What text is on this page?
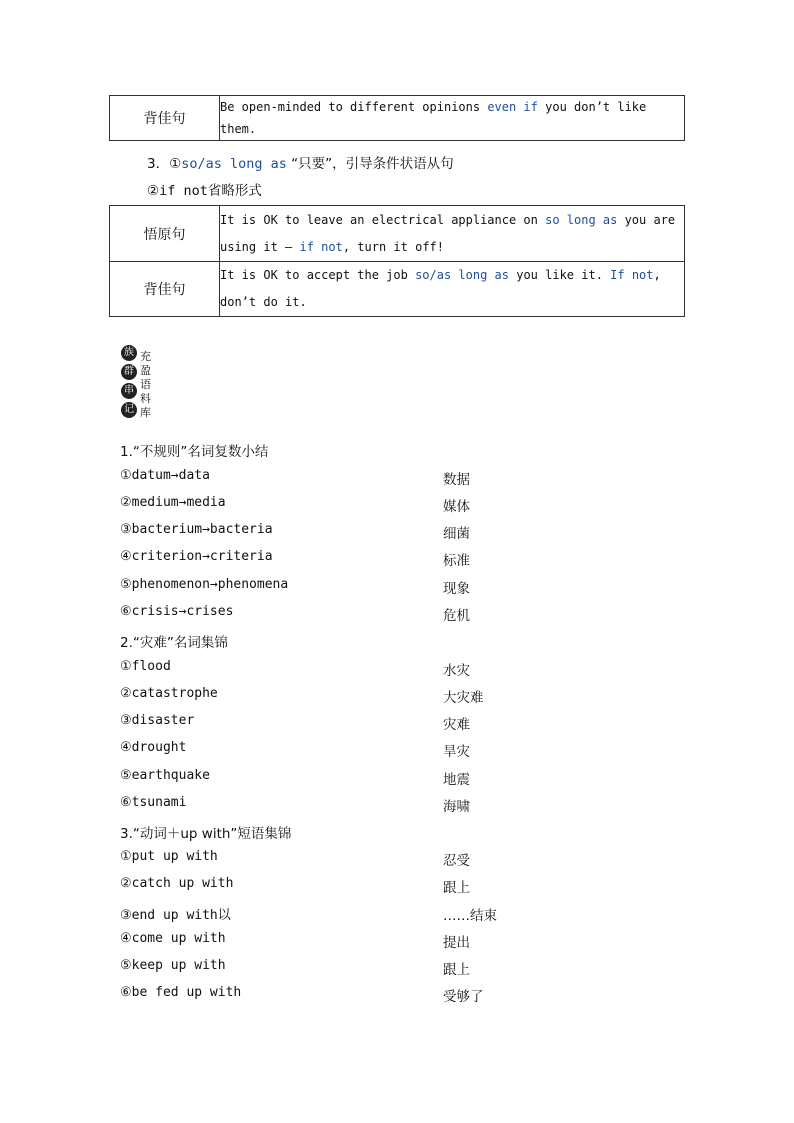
背佳句	Be open-minded to different opinions even if you don’t like them.
3．①so/as long as “只要”，引导条件状语从句
②if not省略形式
悟原句	It is OK to leave an electrical appliance on so long as you are using it — if not, turn it off!
背佳句	It is OK to accept the job so/as long as you like it. If not, don’t do it.
族
群
串
记
充
盈
语
料
库
1.“不规则”名词复数小结
①datum→data	数据
②medium→media	媒体
③bacterium→bacteria	细菌
④criterion→criteria	标准
⑤phenomenon→phenomena	现象
⑥crisis→crises	危机
2.“灾难”名词集锦
①flood	水灾
②catastrophe	大灾难
③disaster	灾难
④drought	旱灾
⑤earthquake	地震
⑥tsunami	海啸
3.“动词＋up with”短语集锦
①put up with	忍受
②catch up with	跟上
③end up with以	……结束
④come up with	提出
⑤keep up with	跟上
⑥be fed up with	受够了
